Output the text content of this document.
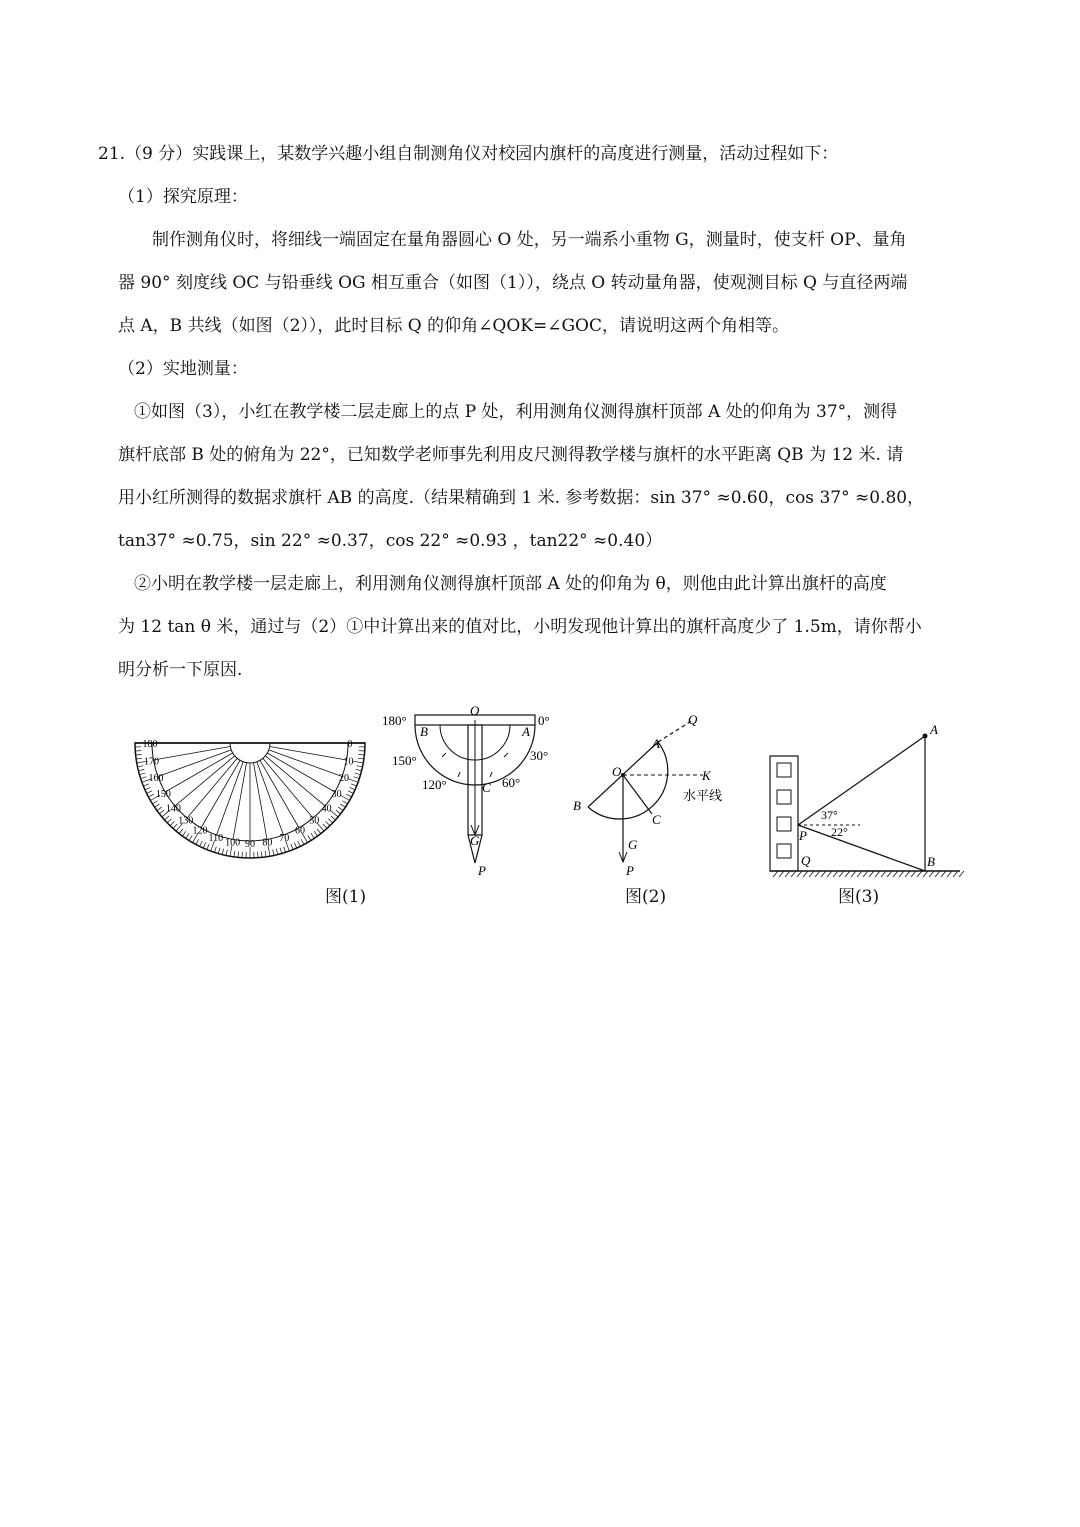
21.（9 分）实践课上，某数学兴趣小组自制测角仪对校园内旗杆的高度进行测量，活动过程如下：
（1）探究原理：
制作测角仪时，将细线一端固定在量角器圆心 O 处，另一端系小重物 G，测量时，使支杆 OP、量角
器 90° 刻度线 OC 与铅垂线 OG 相互重合（如图（1）），绕点 O 转动量角器，使观测目标 Q 与直径两端
点 A，B 共线（如图（2）），此时目标 Q 的仰角∠QOK=∠GOC，请说明这两个角相等。
（2）实地测量：
①如图（3），小红在教学楼二层走廊上的点 P 处，利用测角仪测得旗杆顶部 A 处的仰角为 37°，测得
旗杆底部 B 处的俯角为 22°，已知数学老师事先利用皮尺测得教学楼与旗杆的水平距离 QB 为 12 米. 请
用小红所测得的数据求旗杆 AB 的高度.（结果精确到 1 米. 参考数据：sin 37° ≈0.60，cos 37° ≈0.80，
tan37° ≈0.75，sin 22° ≈0.37，cos 22° ≈0.93 ，tan22° ≈0.40）
②小明在教学楼一层走廊上，利用测角仪测得旗杆顶部 A 处的仰角为 θ，则他由此计算出旗杆的高度
为 12 tan θ 米，通过与（2）①中计算出来的值对比，小明发现他计算出的旗杆高度少了 1.5m，请你帮小
明分析一下原因.
180
170
160
150
140
130
120
110 100 90 80 70
60
50
40
30
20
10
0
图(1)
180°	0°
150°	30°
120°	60°
O
B	A
C
G
P
Q
A
O	K
水平线
B
C
G
P
图(2)
A
37°
22°
P
Q	B
图(3)
